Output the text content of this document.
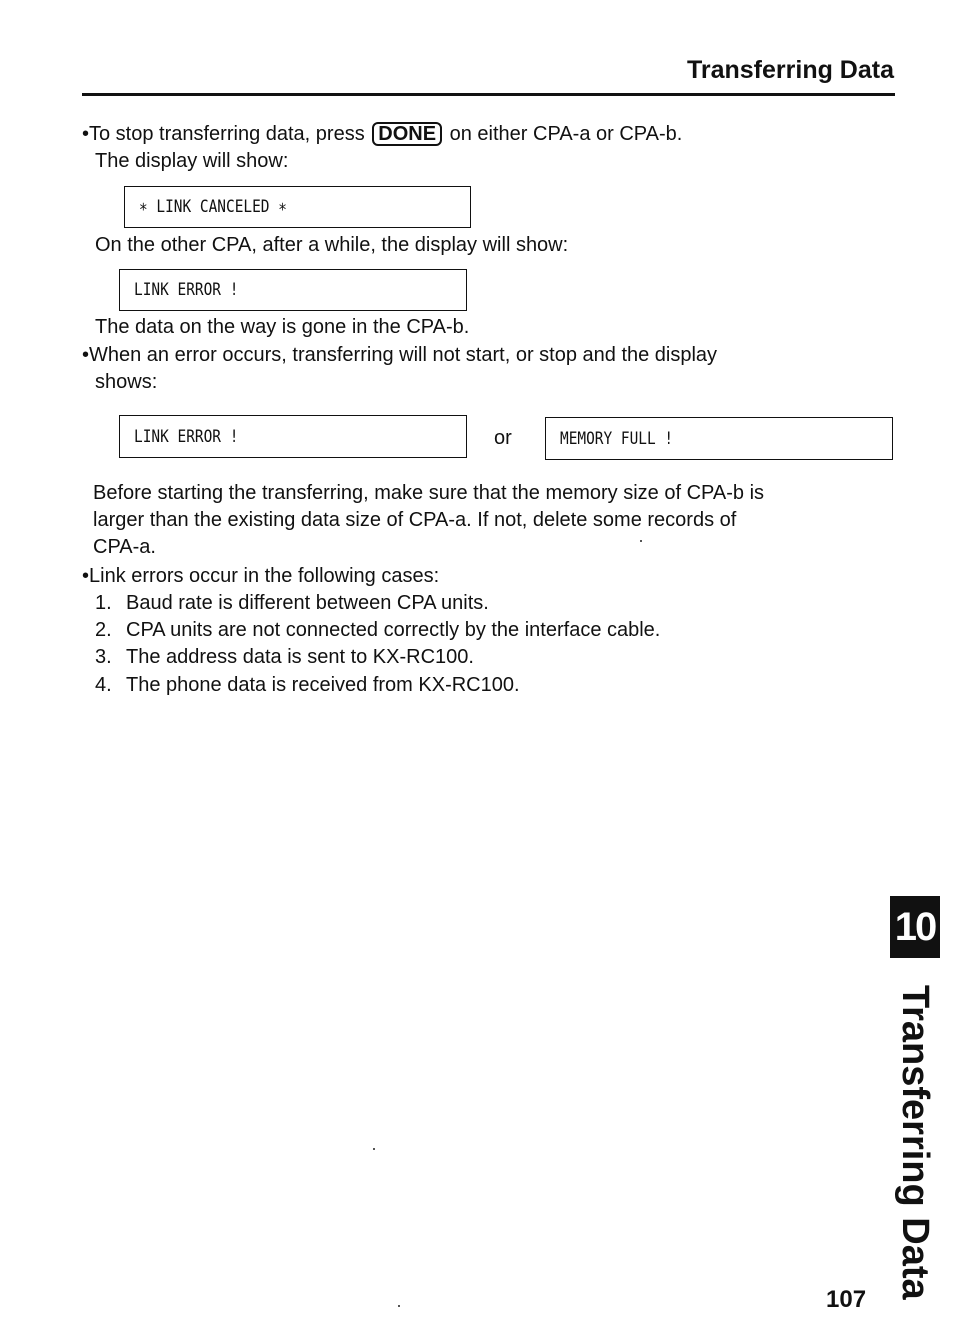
Transferring Data
•To stop transferring data, press DONE on either CPA-a or CPA-b.
The display will show:
∗ LINK CANCELED ∗
On the other CPA, after a while, the display will show:
LINK ERROR !
The data on the way is gone in the CPA-b.
•When an error occurs, transferring will not start, or stop and the display
shows:
LINK ERROR !	or	MEMORY FULL !
Before starting the transferring, make sure that the memory size of CPA-b is
larger than the existing data size of CPA-a. If not, delete some records of
CPA-a.
•Link errors occur in the following cases:
1. Baud rate is different between CPA units.
2. CPA units are not connected correctly by the interface cable.
3. The address data is sent to KX-RC100.
4. The phone data is received from KX-RC100.
10
Transferring Data
107
